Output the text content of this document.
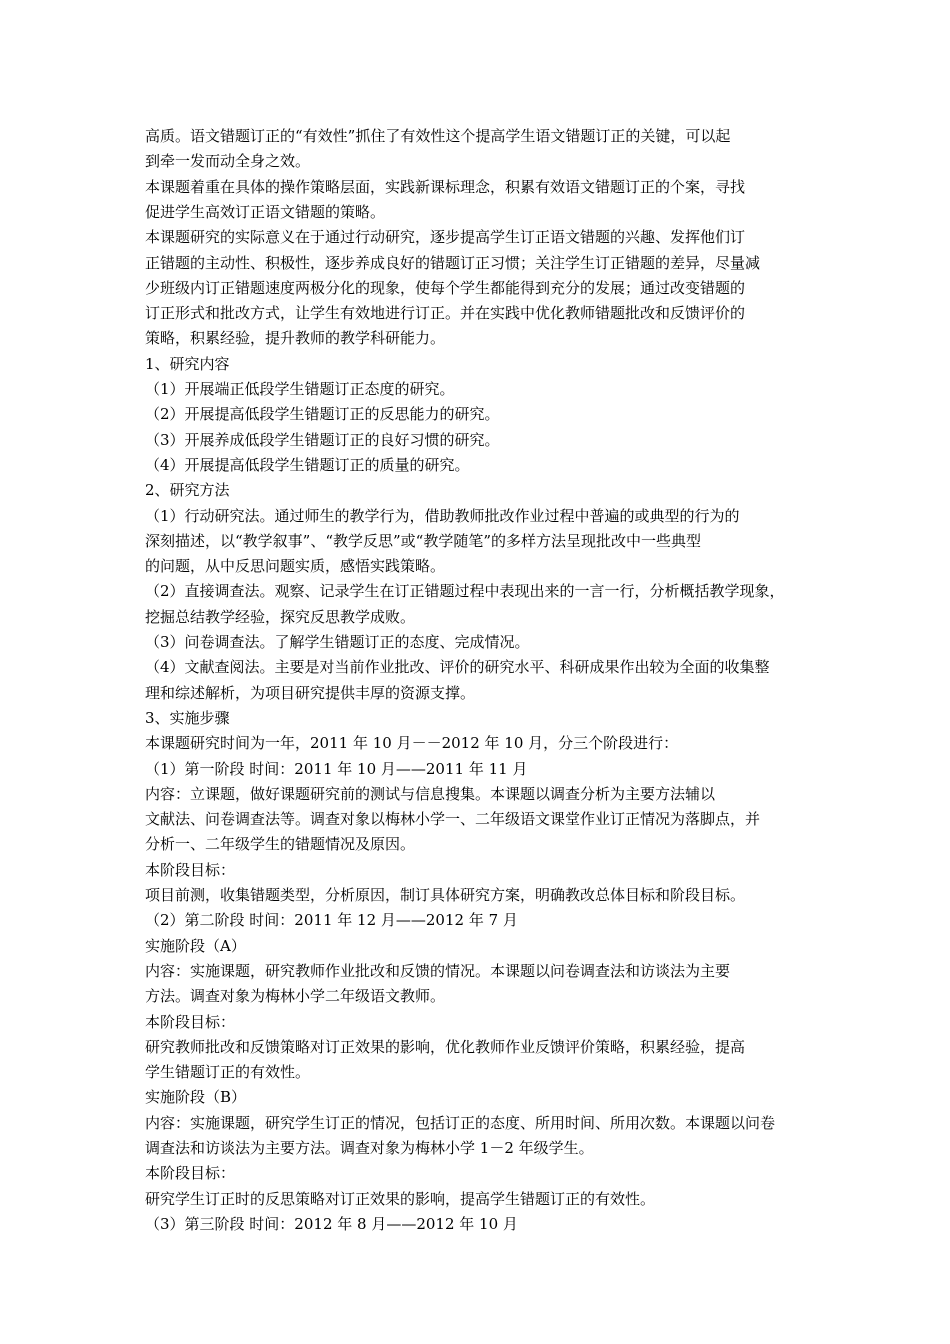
高质。语文错题订正的“有效性”抓住了有效性这个提高学生语文错题订正的关键，可以起
到牵一发而动全身之效。
本课题着重在具体的操作策略层面，实践新课标理念，积累有效语文错题订正的个案，寻找
促进学生高效订正语文错题的策略。
本课题研究的实际意义在于通过行动研究，逐步提高学生订正语文错题的兴趣、发挥他们订
正错题的主动性、积极性，逐步养成良好的错题订正习惯；关注学生订正错题的差异，尽量减
少班级内订正错题速度两极分化的现象，使每个学生都能得到充分的发展；通过改变错题的
订正形式和批改方式，让学生有效地进行订正。并在实践中优化教师错题批改和反馈评价的
策略，积累经验，提升教师的教学科研能力。
1、研究内容
（1）开展端正低段学生错题订正态度的研究。
（2）开展提高低段学生错题订正的反思能力的研究。
（3）开展养成低段学生错题订正的良好习惯的研究。
（4）开展提高低段学生错题订正的质量的研究。
2、研究方法
（1）行动研究法。通过师生的教学行为，借助教师批改作业过程中普遍的或典型的行为的
深刻描述，以“教学叙事”、“教学反思”或“教学随笔”的多样方法呈现批改中一些典型
的问题，从中反思问题实质，感悟实践策略。
（2）直接调查法。观察、记录学生在订正错题过程中表现出来的一言一行，分析概括教学现象，
挖掘总结教学经验，探究反思教学成败。
（3）问卷调查法。了解学生错题订正的态度、完成情况。
（4）文献查阅法。主要是对当前作业批改、评价的研究水平、科研成果作出较为全面的收集整
理和综述解析，为项目研究提供丰厚的资源支撑。
3、实施步骤
本课题研究时间为一年，2011 年 10 月－－2012 年 10 月，分三个阶段进行：
（1）第一阶段 时间：2011 年 10 月——2011 年 11 月
内容：立课题，做好课题研究前的测试与信息搜集。本课题以调查分析为主要方法辅以
文献法、问卷调查法等。调查对象以梅林小学一、二年级语文课堂作业订正情况为落脚点，并
分析一、二年级学生的错题情况及原因。
本阶段目标：
项目前测，收集错题类型，分析原因，制订具体研究方案，明确教改总体目标和阶段目标。
（2）第二阶段 时间：2011 年 12 月——2012 年 7 月
实施阶段（A）
内容：实施课题，研究教师作业批改和反馈的情况。本课题以问卷调查法和访谈法为主要
方法。调查对象为梅林小学二年级语文教师。
本阶段目标：
研究教师批改和反馈策略对订正效果的影响，优化教师作业反馈评价策略，积累经验，提高
学生错题订正的有效性。
实施阶段（B）
内容：实施课题，研究学生订正的情况，包括订正的态度、所用时间、所用次数。本课题以问卷
调查法和访谈法为主要方法。调查对象为梅林小学 1－2 年级学生。
本阶段目标：
研究学生订正时的反思策略对订正效果的影响，提高学生错题订正的有效性。
（3）第三阶段 时间：2012 年 8 月——2012 年 10 月
